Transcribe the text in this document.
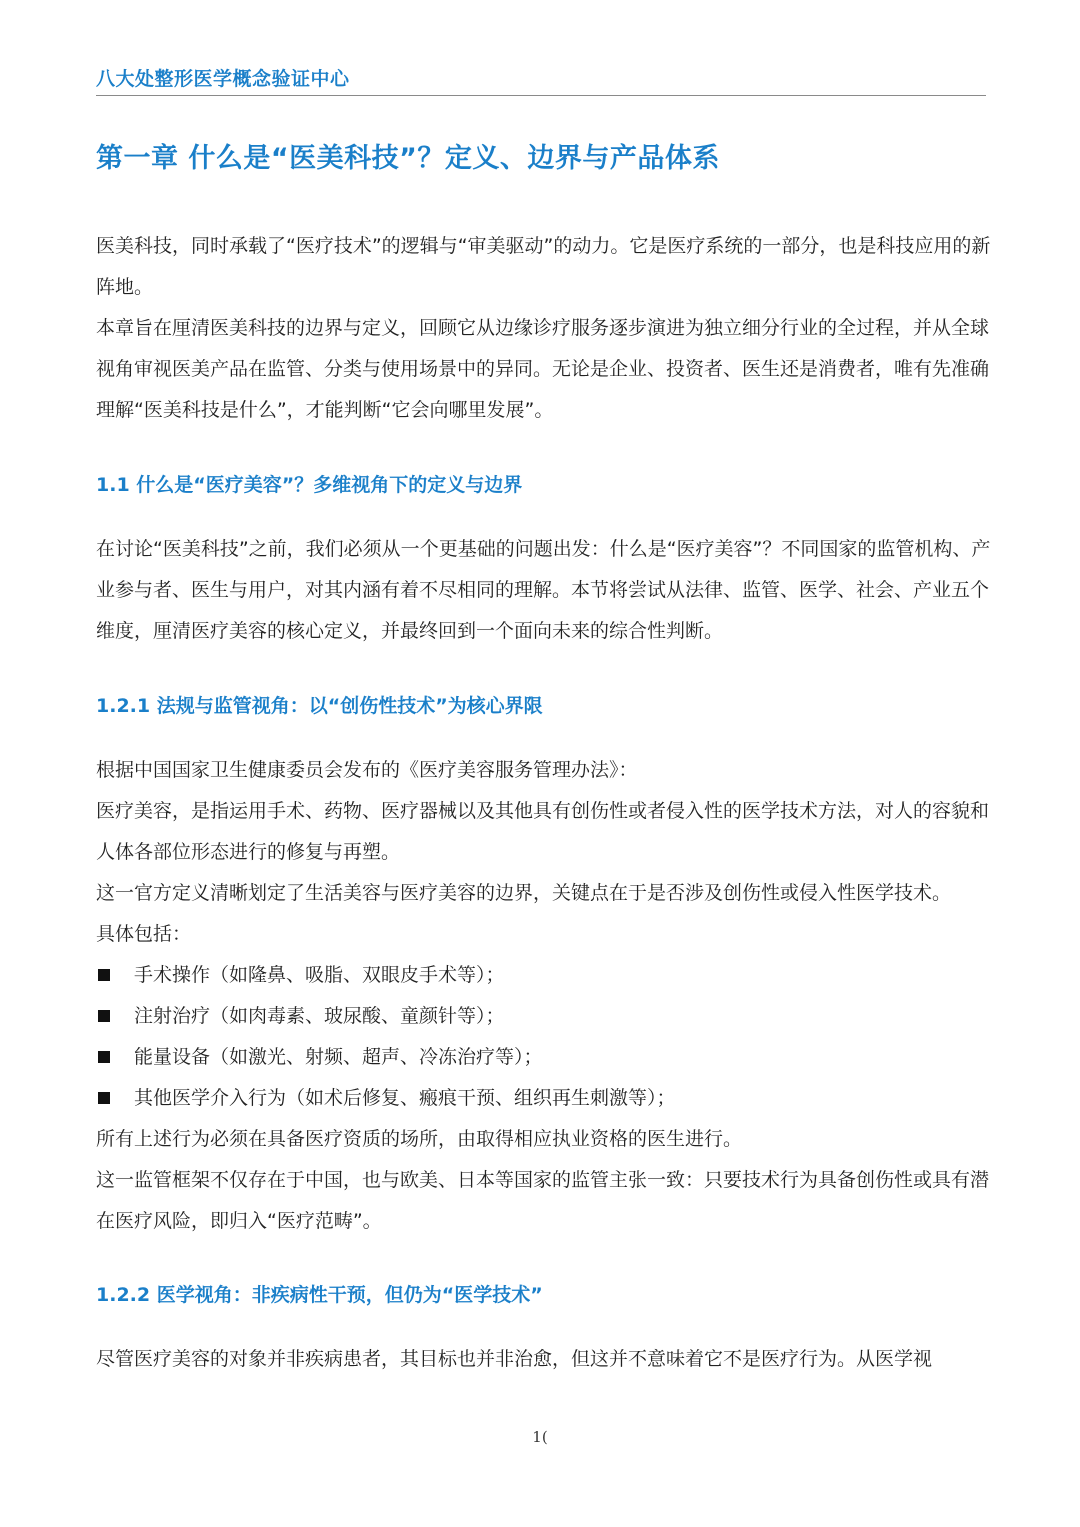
八大处整形医学概念验证中心
第一章 什么是“医美科技”？定义、边界与产品体系

医美科技，同时承载了“医疗技术”的逻辑与“审美驱动”的动力。它是医疗系统的一部分，也是科技应用的新阵地。

本章旨在厘清医美科技的边界与定义，回顾它从边缘诊疗服务逐步演进为独立细分行业的全过程，并从全球视角审视医美产品在监管、分类与使用场景中的异同。无论是企业、投资者、医生还是消费者，唯有先准确理解“医美科技是什么”，才能判断“它会向哪里发展”。

1.1 什么是“医疗美容”？多维视角下的定义与边界

在讨论“医美科技”之前，我们必须从一个更基础的问题出发：什么是“医疗美容”？不同国家的监管机构、产业参与者、医生与用户，对其内涵有着不尽相同的理解。本节将尝试从法律、监管、医学、社会、产业五个维度，厘清医疗美容的核心定义，并最终回到一个面向未来的综合性判断。

1.2.1 法规与监管视角：以“创伤性技术”为核心界限

根据中国国家卫生健康委员会发布的《医疗美容服务管理办法》：

医疗美容，是指运用手术、药物、医疗器械以及其他具有创伤性或者侵入性的医学技术方法，对人的容貌和人体各部位形态进行的修复与再塑。

这一官方定义清晰划定了生活美容与医疗美容的边界，关键点在于是否涉及创伤性或侵入性医学技术。

具体包括：

手术操作（如隆鼻、吸脂、双眼皮手术等）；
注射治疗（如肉毒素、玻尿酸、童颜针等）；
能量设备（如激光、射频、超声、冷冻治疗等）；
其他医学介入行为（如术后修复、瘢痕干预、组织再生刺激等）；

所有上述行为必须在具备医疗资质的场所，由取得相应执业资格的医生进行。

这一监管框架不仅存在于中国，也与欧美、日本等国家的监管主张一致：只要技术行为具备创伤性或具有潜在医疗风险，即归入“医疗范畴”。

1.2.2 医学视角：非疾病性干预，但仍为“医学技术”

尽管医疗美容的对象并非疾病患者，其目标也并非治愈，但这并不意味着它不是医疗行为。从医学视

1(
